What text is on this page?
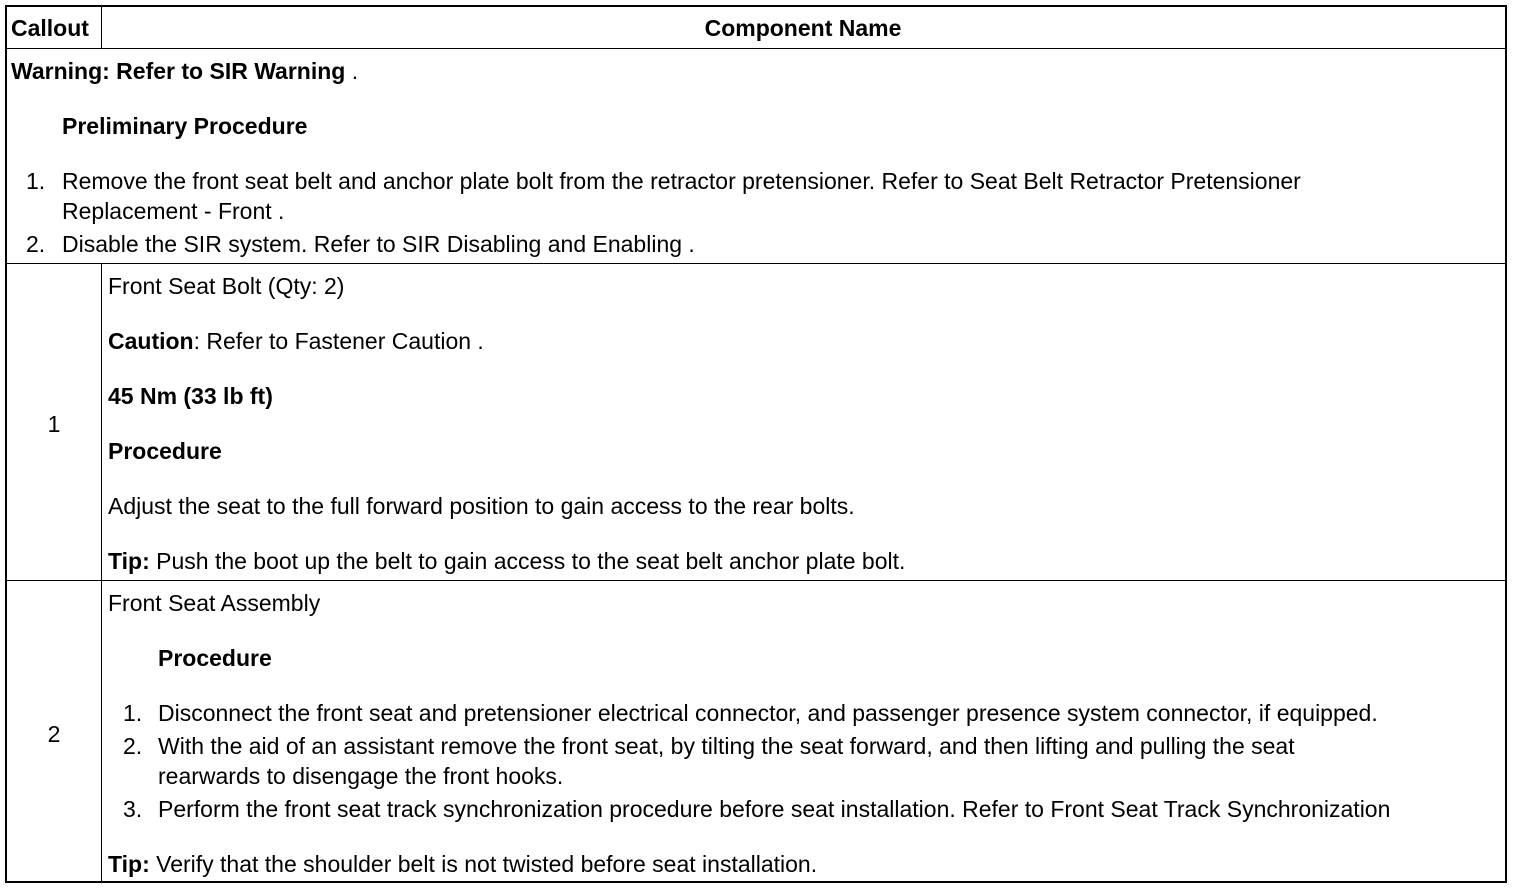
Callout	Component Name
Warning: Refer to SIR Warning .
Preliminary Procedure
1. Remove the front seat belt and anchor plate bolt from the retractor pretensioner. Refer to Seat Belt Retractor Pretensioner
Replacement - Front .
2. Disable the SIR system. Refer to SIR Disabling and Enabling .
1
Front Seat Bolt (Qty: 2)
Caution: Refer to Fastener Caution .
45 Nm (33 lb ft)
Procedure
Adjust the seat to the full forward position to gain access to the rear bolts.
Tip: Push the boot up the belt to gain access to the seat belt anchor plate bolt.
2
Front Seat Assembly
Procedure
1. Disconnect the front seat and pretensioner electrical connector, and passenger presence system connector, if equipped.
2. With the aid of an assistant remove the front seat, by tilting the seat forward, and then lifting and pulling the seat
rearwards to disengage the front hooks.
3. Perform the front seat track synchronization procedure before seat installation. Refer to Front Seat Track Synchronization
Tip: Verify that the shoulder belt is not twisted before seat installation.
